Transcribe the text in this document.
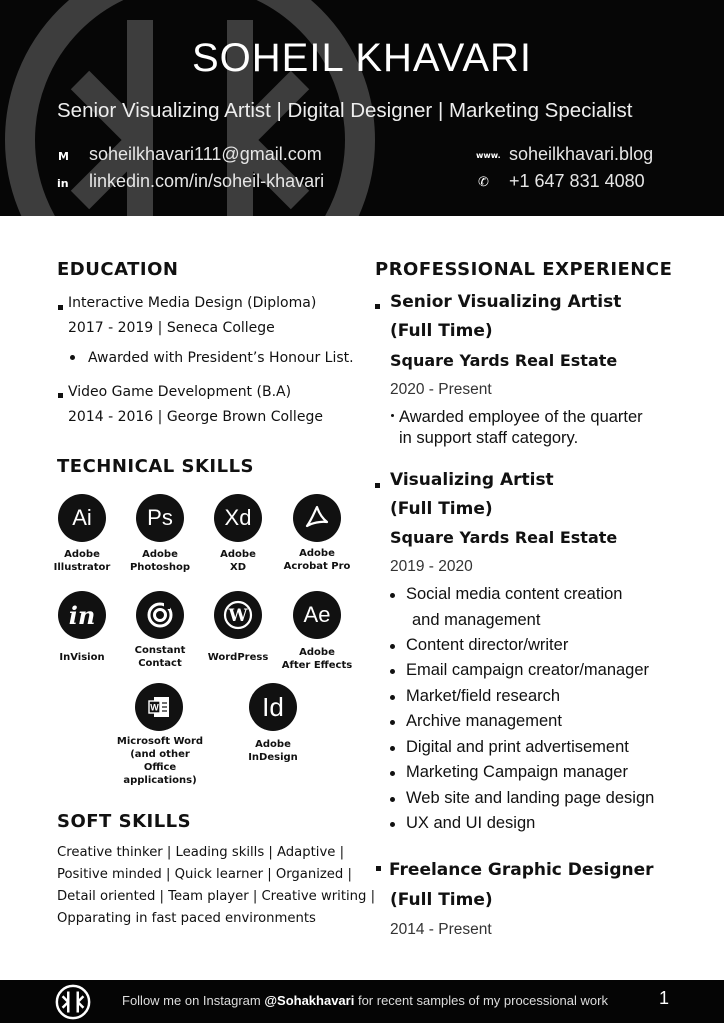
SOHEIL KHAVARI
Senior Visualizing Artist | Digital Designer | Marketing Specialist
M soheilkhavari111@gmail.com
in linkedin.com/in/soheil-khavari
www. soheilkhavari.blog
✆ +1 647 831 4080
EDUCATION
Interactive Media Design (Diploma)
2017 - 2019 | Seneca College
Awarded with President’s Honour List.
Video Game Development (B.A)
2014 - 2016 | George Brown College
TECHNICAL SKILLS
Ai
Adobe
Illustrator
Ps
Adobe
Photoshop
Xd
Adobe
XD
Adobe
Acrobat Pro
in
InVision
Constant
Contact
W
WordPress
Ae
Adobe
After Effects
W
Microsoft Word
(and other
Office applications)
Id
Adobe
InDesign
SOFT SKILLS
Creative thinker | Leading skills | Adaptive |
Positive minded | Quick learner | Organized |
Detail oriented | Team player | Creative writing |
Opparating in fast paced environments
PROFESSIONAL EXPERIENCE
Senior Visualizing Artist
(Full Time)
Square Yards Real Estate
2020 - Present
Awarded employee of the quarter
in support staff category.
Visualizing Artist
(Full Time)
Square Yards Real Estate
2019 - 2020
Social media content creation
and management
Content director/writer
Email campaign creator/manager
Market/field research
Archive management
Digital and print advertisement
Marketing Campaign manager
Web site and landing page design
UX and UI design
Freelance Graphic Designer
(Full Time)
2014 - Present
Follow me on Instagram @Sohakhavari for recent samples of my processional work	1
